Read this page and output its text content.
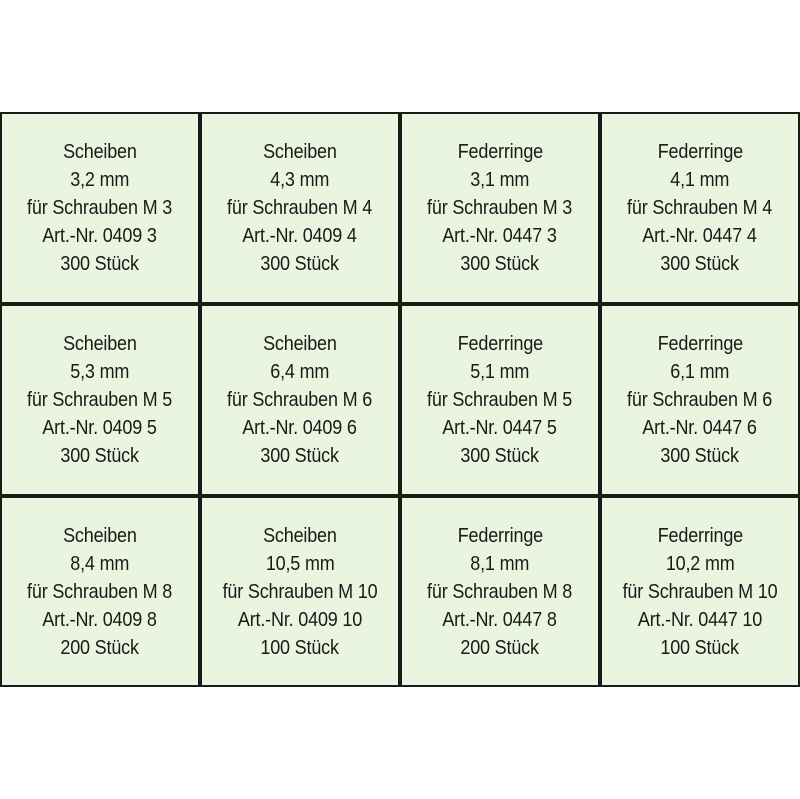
Scheiben
3,2 mm
für Schrauben M 3
Art.-Nr. 0409 3
300 Stück
Scheiben
4,3 mm
für Schrauben M 4
Art.-Nr. 0409 4
300 Stück
Federringe
3,1 mm
für Schrauben M 3
Art.-Nr. 0447 3
300 Stück
Federringe
4,1 mm
für Schrauben M 4
Art.-Nr. 0447 4
300 Stück
Scheiben
5,3 mm
für Schrauben M 5
Art.-Nr. 0409 5
300 Stück
Scheiben
6,4 mm
für Schrauben M 6
Art.-Nr. 0409 6
300 Stück
Federringe
5,1 mm
für Schrauben M 5
Art.-Nr. 0447 5
300 Stück
Federringe
6,1 mm
für Schrauben M 6
Art.-Nr. 0447 6
300 Stück
Scheiben
8,4 mm
für Schrauben M 8
Art.-Nr. 0409 8
200 Stück
Scheiben
10,5 mm
für Schrauben M 10
Art.-Nr. 0409 10
100 Stück
Federringe
8,1 mm
für Schrauben M 8
Art.-Nr. 0447 8
200 Stück
Federringe
10,2 mm
für Schrauben M 10
Art.-Nr. 0447 10
100 Stück
